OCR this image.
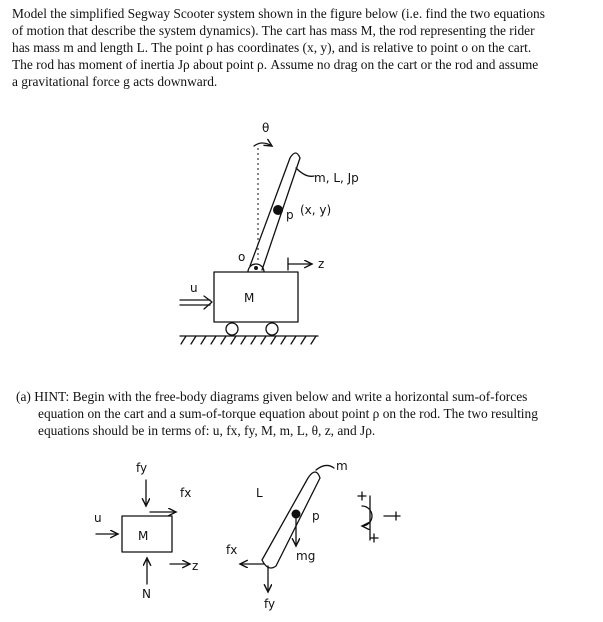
Model the simplified Segway Scooter system shown in the figure below (i.e. find the two equations
of motion that describe the system dynamics). The cart has mass M, the rod representing the rider
has mass m and length L. The point ρ has coordinates (x, y), and is relative to point o on the cart.
The rod has moment of inertia Jρ about point ρ. Assume no drag on the cart or the rod and assume
a gravitational force g acts downward.
(a) HINT: Begin with the free-body diagrams given below and write a horizontal sum-of-forces
equation on the cart and a sum-of-torque equation about point ρ on the rod. The two resulting
equations should be in terms of: u, fx, fy, M, m, L, θ, z, and Jρ.
θ
m, L, Jp
p (x, y)
o	z
M
u
fy
fx
M
u
z
N
L
m
p
mg
fx
fy
